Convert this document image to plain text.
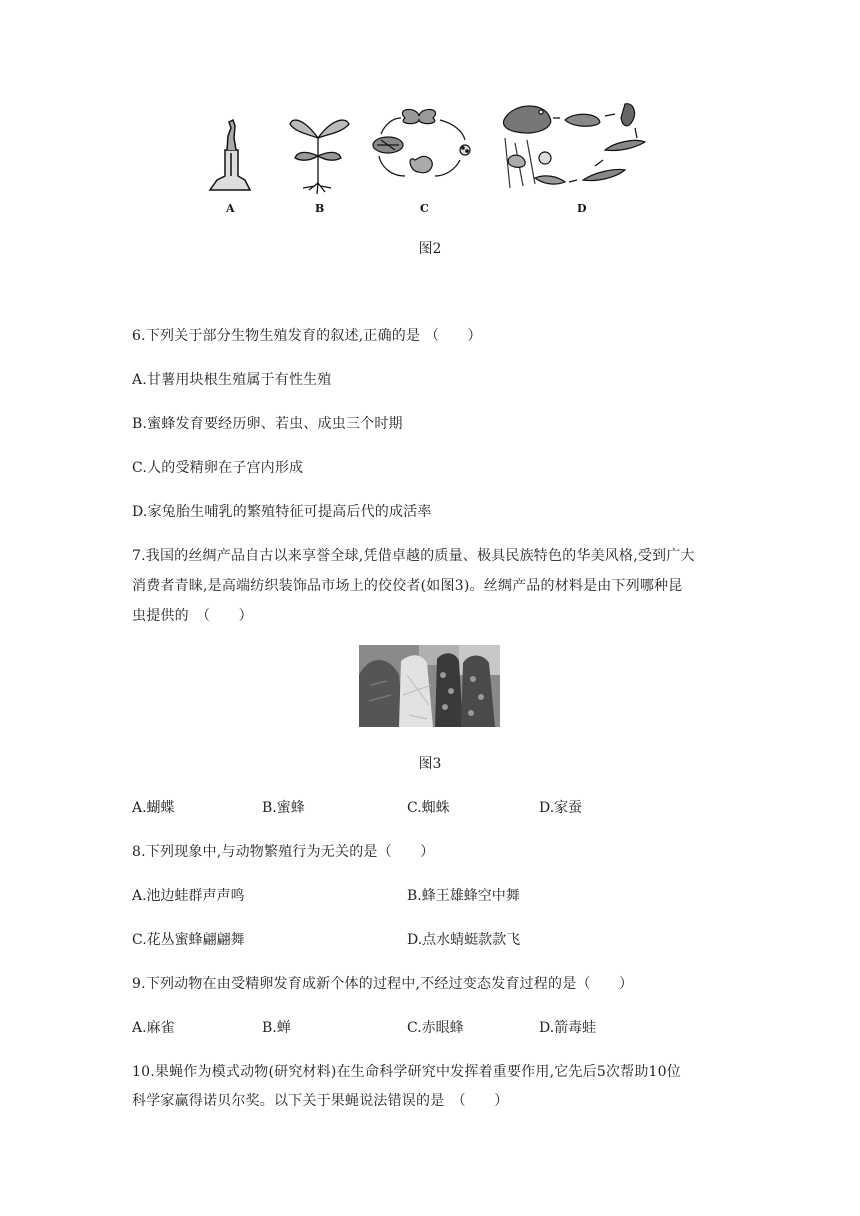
A	B	C	D
图2
6.下列关于部分生物生殖发育的叙述,正确的是 （　　）
A.甘薯用块根生殖属于有性生殖
B.蜜蜂发育要经历卵、若虫、成虫三个时期
C.人的受精卵在子宫内形成
D.家兔胎生哺乳的繁殖特征可提高后代的成活率
7.我国的丝绸产品自古以来享誉全球,凭借卓越的质量、极具民族特色的华美风格,受到广大
消费者青睐,是高端纺织装饰品市场上的佼佼者(如图3)。丝绸产品的材料是由下列哪种昆
虫提供的　（　　）
图3
A.蝴蝶	B.蜜蜂	C.蜘蛛	D.家蚕
8.下列现象中,与动物繁殖行为无关的是（　　）
A.池边蛙群声声鸣	B.蜂王雄蜂空中舞
C.花丛蜜蜂翩翩舞	D.点水蜻蜓款款飞
9.下列动物在由受精卵发育成新个体的过程中,不经过变态发育过程的是（　　）
A.麻雀	B.蝉	C.赤眼蜂	D.箭毒蛙
10.果蝇作为模式动物(研究材料)在生命科学研究中发挥着重要作用,它先后5次帮助10位
科学家赢得诺贝尔奖。以下关于果蝇说法错误的是　（　　）
